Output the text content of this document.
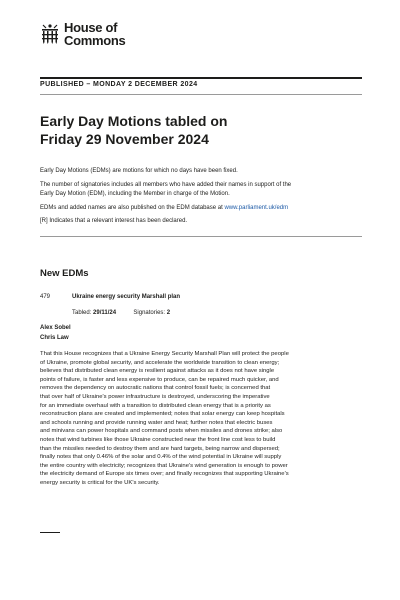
House of
Commons
PUBLISHED – MONDAY 2 DECEMBER 2024
Early Day Motions tabled on
Friday 29 November 2024
Early Day Motions (EDMs) are motions for which no days have been fixed.
The number of signatories includes all members who have added their names in support of the
Early Day Motion (EDM), including the Member in charge of the Motion.
EDMs and added names are also published on the EDM database at www.parliament.uk/edm
[R] Indicates that a relevant interest has been declared.
New EDMs
479	Ukraine energy security Marshall plan
Tabled: 29/11/24	Signatories: 2
Alex Sobel
Chris Law
That this House recognizes that a Ukraine Energy Security Marshall Plan will protect the people
of Ukraine, promote global security, and accelerate the worldwide transition to clean energy;
believes that distributed clean energy is resilient against attacks as it does not have single
points of failure, is faster and less expensive to produce, can be repaired much quicker, and
removes the dependency on autocratic nations that control fossil fuels; is concerned that
that over half of Ukraine's power infrastructure is destroyed, underscoring the imperative
for an immediate overhaul with a transition to distributed clean energy that is a priority as
reconstruction plans are created and implemented; notes that solar energy can keep hospitals
and schools running and provide running water and heat; further notes that electric buses
and minivans can power hospitals and command posts when missiles and drones strike; also
notes that wind turbines like those Ukraine constructed near the front line cost less to build
than the missiles needed to destroy them and are hard targets, being narrow and dispersed;
finally notes that only 0.46% of the solar and 0.4% of the wind potential in Ukraine will supply
the entire country with electricity; recognizes that Ukraine's wind generation is enough to power
the electricity demand of Europe six times over; and finally recognizes that supporting Ukraine's
energy security is critical for the UK's security.
